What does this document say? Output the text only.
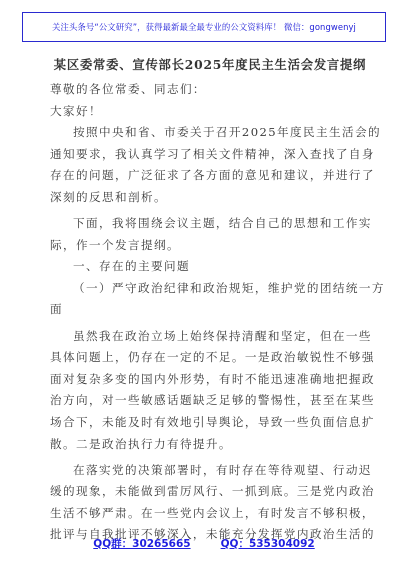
关注头条号“公文研究”，获得最新最全最专业的公文资料库！ 微信：gongwenyj
某区委常委、宣传部长2025年度民主生活会发言提纲
尊敬的各位常委、同志们：
大家好！
按照中央和省、市委关于召开2025年度民主生活会的
通知要求，我认真学习了相关文件精神，深入查找了自身
存在的问题，广泛征求了各方面的意见和建议，并进行了
深刻的反思和剖析。
下面，我将围绕会议主题，结合自己的思想和工作实
际，作一个发言提纲。
一、存在的主要问题
（一）严守政治纪律和政治规矩，维护党的团结统一方
面
虽然我在政治立场上始终保持清醒和坚定，但在一些
具体问题上，仍存在一定的不足。一是政治敏锐性不够强
面对复杂多变的国内外形势，有时不能迅速准确地把握政
治方向，对一些敏感话题缺乏足够的警惕性，甚至在某些
场合下，未能及时有效地引导舆论，导致一些负面信息扩
散。二是政治执行力有待提升。
在落实党的决策部署时，有时存在等待观望、行动迟
缓的现象，未能做到雷厉风行、一抓到底。三是党内政治
生活不够严肃。在一些党内会议上，有时发言不够积极，
批评与自我批评不够深入，未能充分发挥党内政治生活的
QQ群：30265665	QQ：535304092
